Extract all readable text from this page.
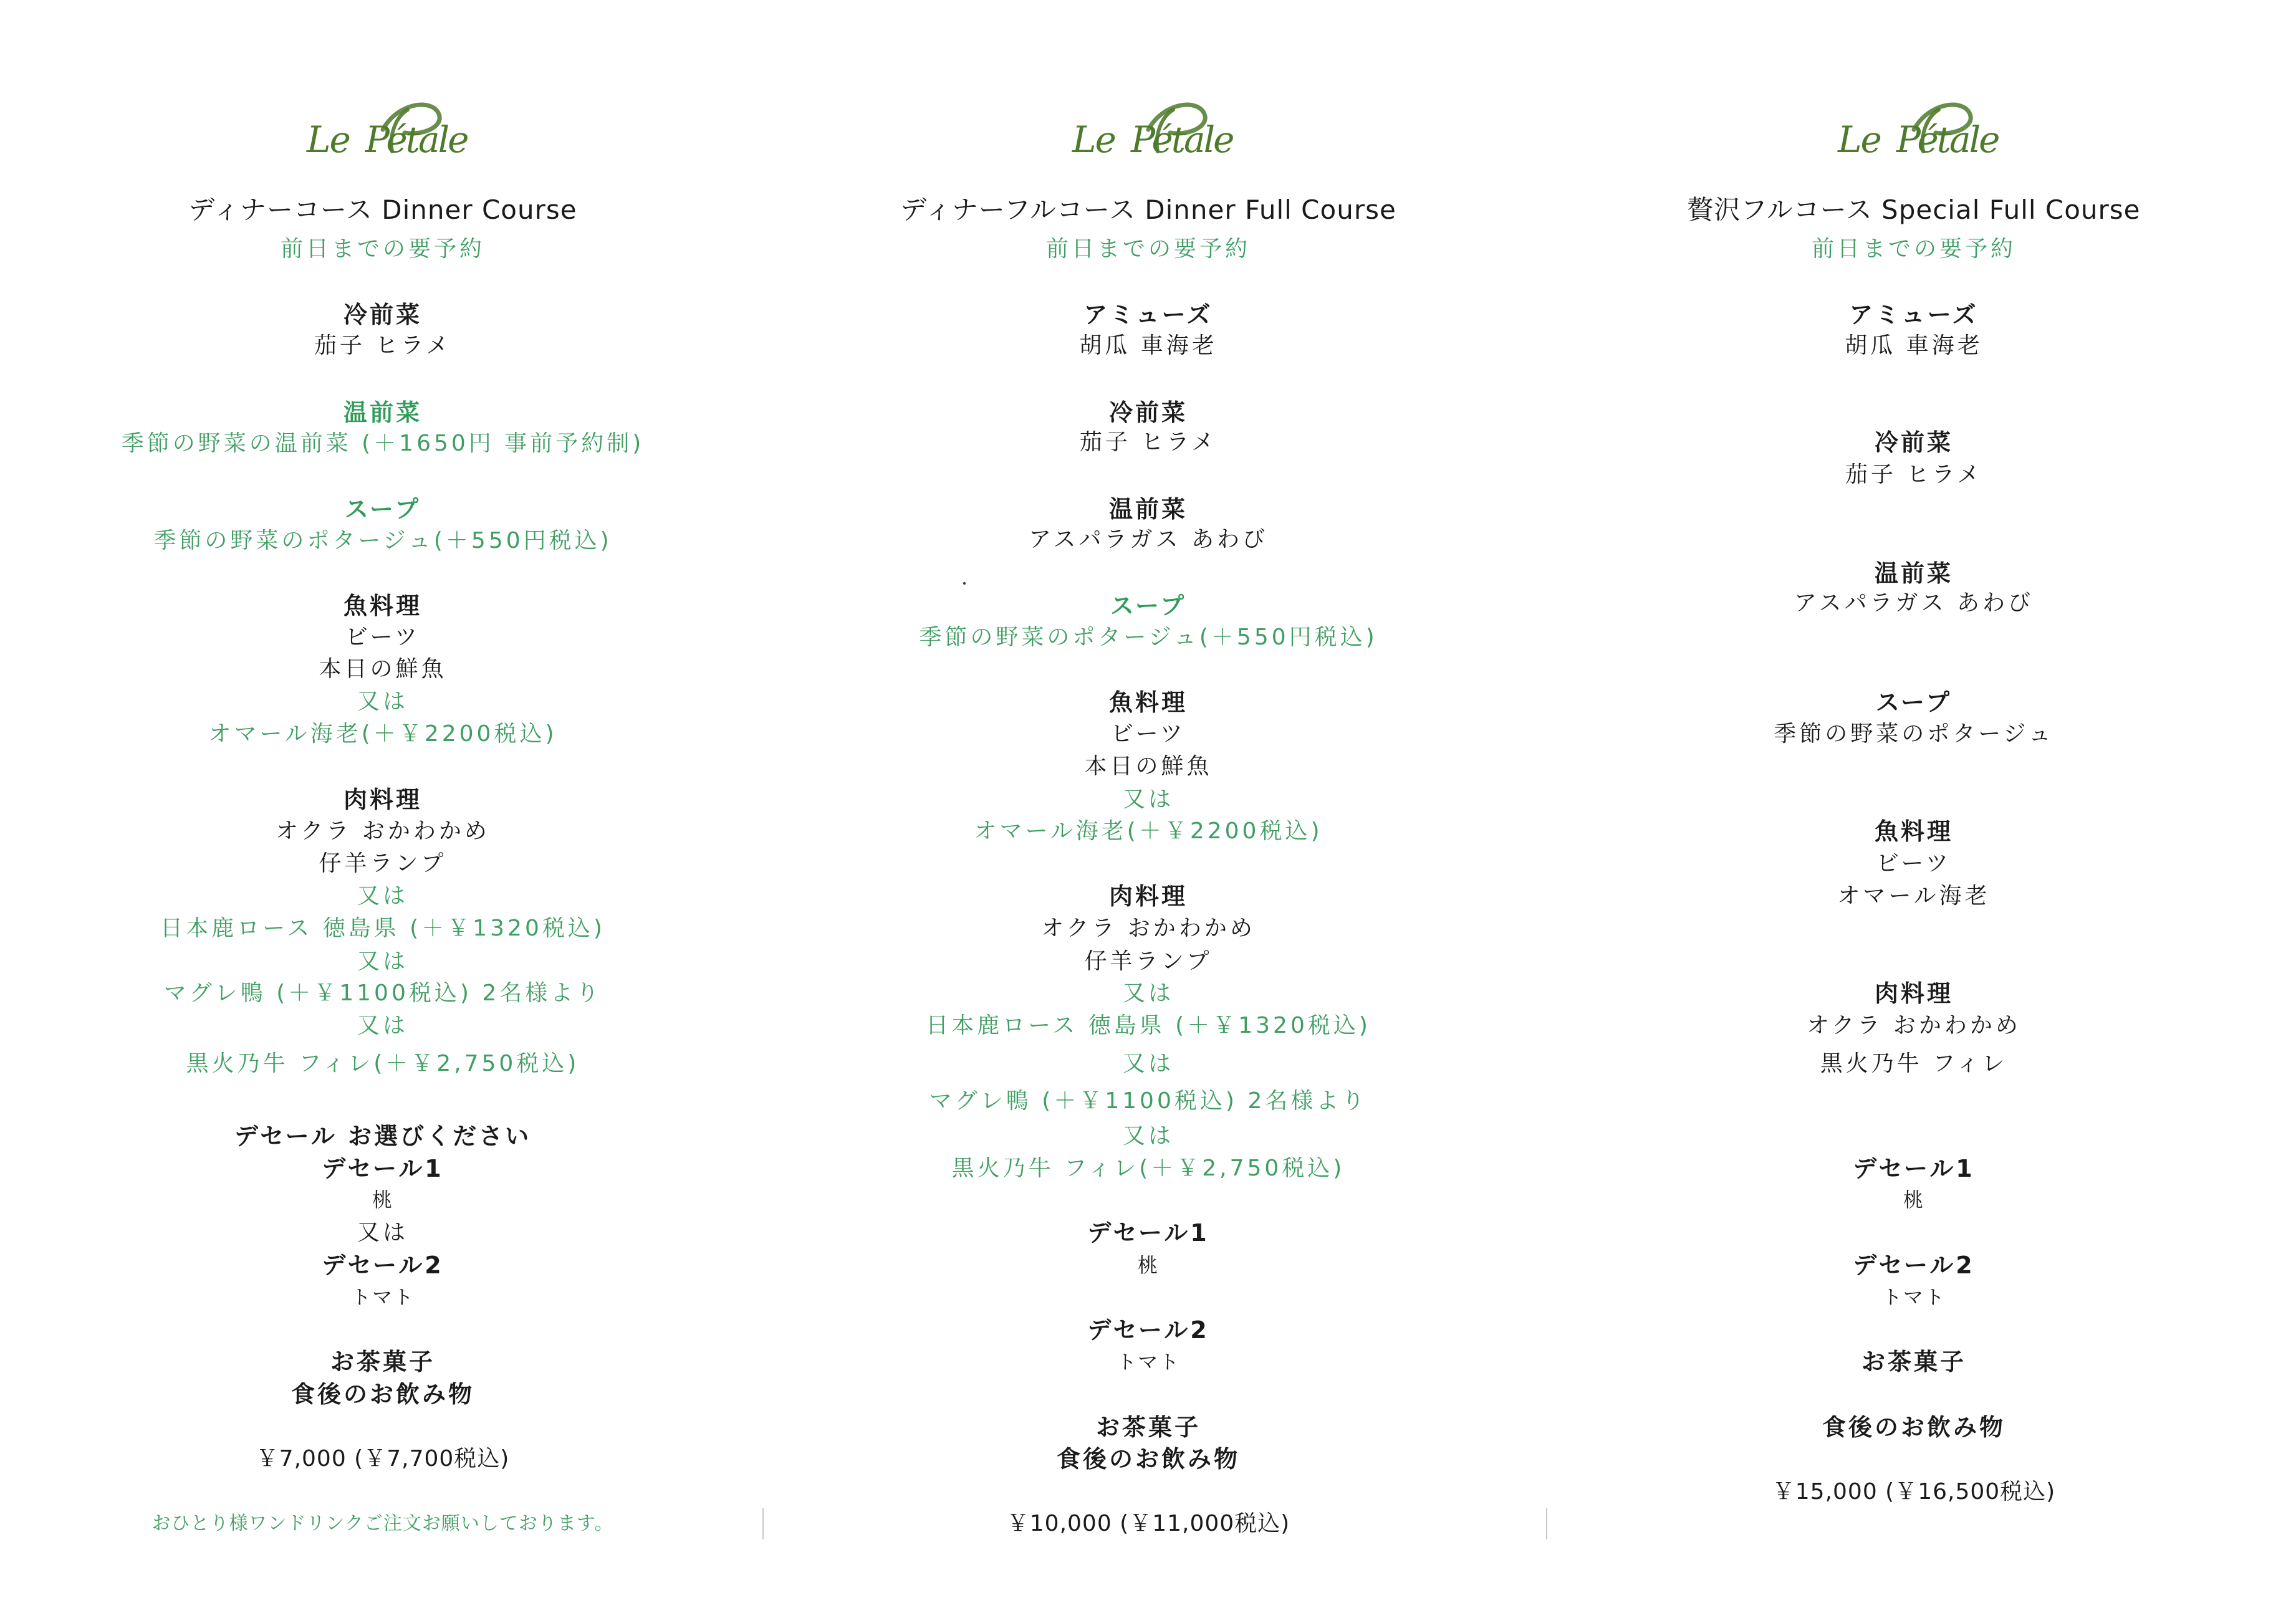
Le Pétale
ディナーコース Dinner Course
前日までの要予約
冷前菜
茄子 ヒラメ
温前菜
季節の野菜の温前菜 (＋1650円 事前予約制)
スープ
季節の野菜のポタージュ(＋550円税込)
魚料理
ビーツ
本日の鮮魚
又は
オマール海老(＋￥2200税込)
肉料理
オクラ おかわかめ
仔羊ランプ
又は
日本鹿ロース 徳島県 (＋￥1320税込)
又は
マグレ鴨 (＋￥1100税込) 2名様より
又は
黒火乃牛 フィレ(＋￥2,750税込)
デセール お選びください
デセール1
桃
又は
デセール2
トマト
お茶菓子
食後のお飲み物
￥7,000 (￥7,700税込)
おひとり様ワンドリンクご注文お願いしております。
Le Pétale
ディナーフルコース Dinner Full Course
前日までの要予約
アミューズ
胡瓜 車海老
冷前菜
茄子 ヒラメ
温前菜
アスパラガス あわび
スープ
季節の野菜のポタージュ(＋550円税込)
魚料理
ビーツ
本日の鮮魚
又は
オマール海老(＋￥2200税込)
肉料理
オクラ おかわかめ
仔羊ランプ
又は
日本鹿ロース 徳島県 (＋￥1320税込)
又は
マグレ鴨 (＋￥1100税込) 2名様より
又は
黒火乃牛 フィレ(＋￥2,750税込)
デセール1
桃
デセール2
トマト
お茶菓子
食後のお飲み物
￥10,000 (￥11,000税込)
Le Pétale
贅沢フルコース Special Full Course
前日までの要予約
アミューズ
胡瓜 車海老
冷前菜
茄子 ヒラメ
温前菜
アスパラガス あわび
スープ
季節の野菜のポタージュ
魚料理
ビーツ
オマール海老
肉料理
オクラ おかわかめ
黒火乃牛 フィレ
デセール1
桃
デセール2
トマト
お茶菓子
食後のお飲み物
￥15,000 (￥16,500税込)
